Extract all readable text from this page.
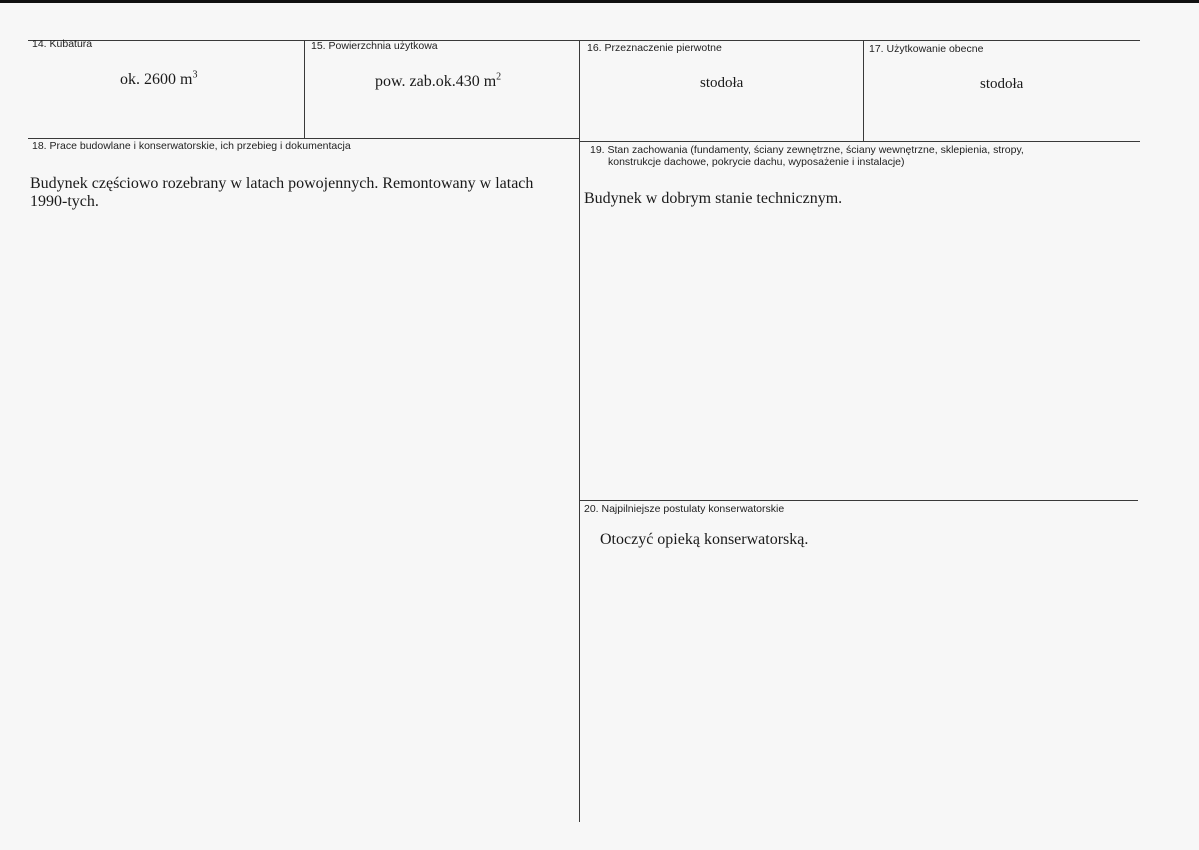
14. Kubatura
ok. 2600 $m^3$
15. Powierzchnia użytkowa
pow. zab.ok.430 $m^2$
16. Przeznaczenie pierwotne
stodoła
17. Użytkowanie obecne
stodoła
18. Prace budowlane i konserwatorskie, ich przebieg i dokumentacja
Budynek częściowo rozebrany w latach powojennych. Remontowany w latach 1990-tych.
19. Stan zachowania (fundamenty, ściany zewnętrzne, ściany wewnętrzne, sklepienia, stropy,
konstrukcje dachowe, pokrycie dachu, wyposażenie i instalacje)
Budynek w dobrym stanie technicznym.
20. Najpilniejsze postulaty konserwatorskie
Otoczyć opieką konserwatorską.
